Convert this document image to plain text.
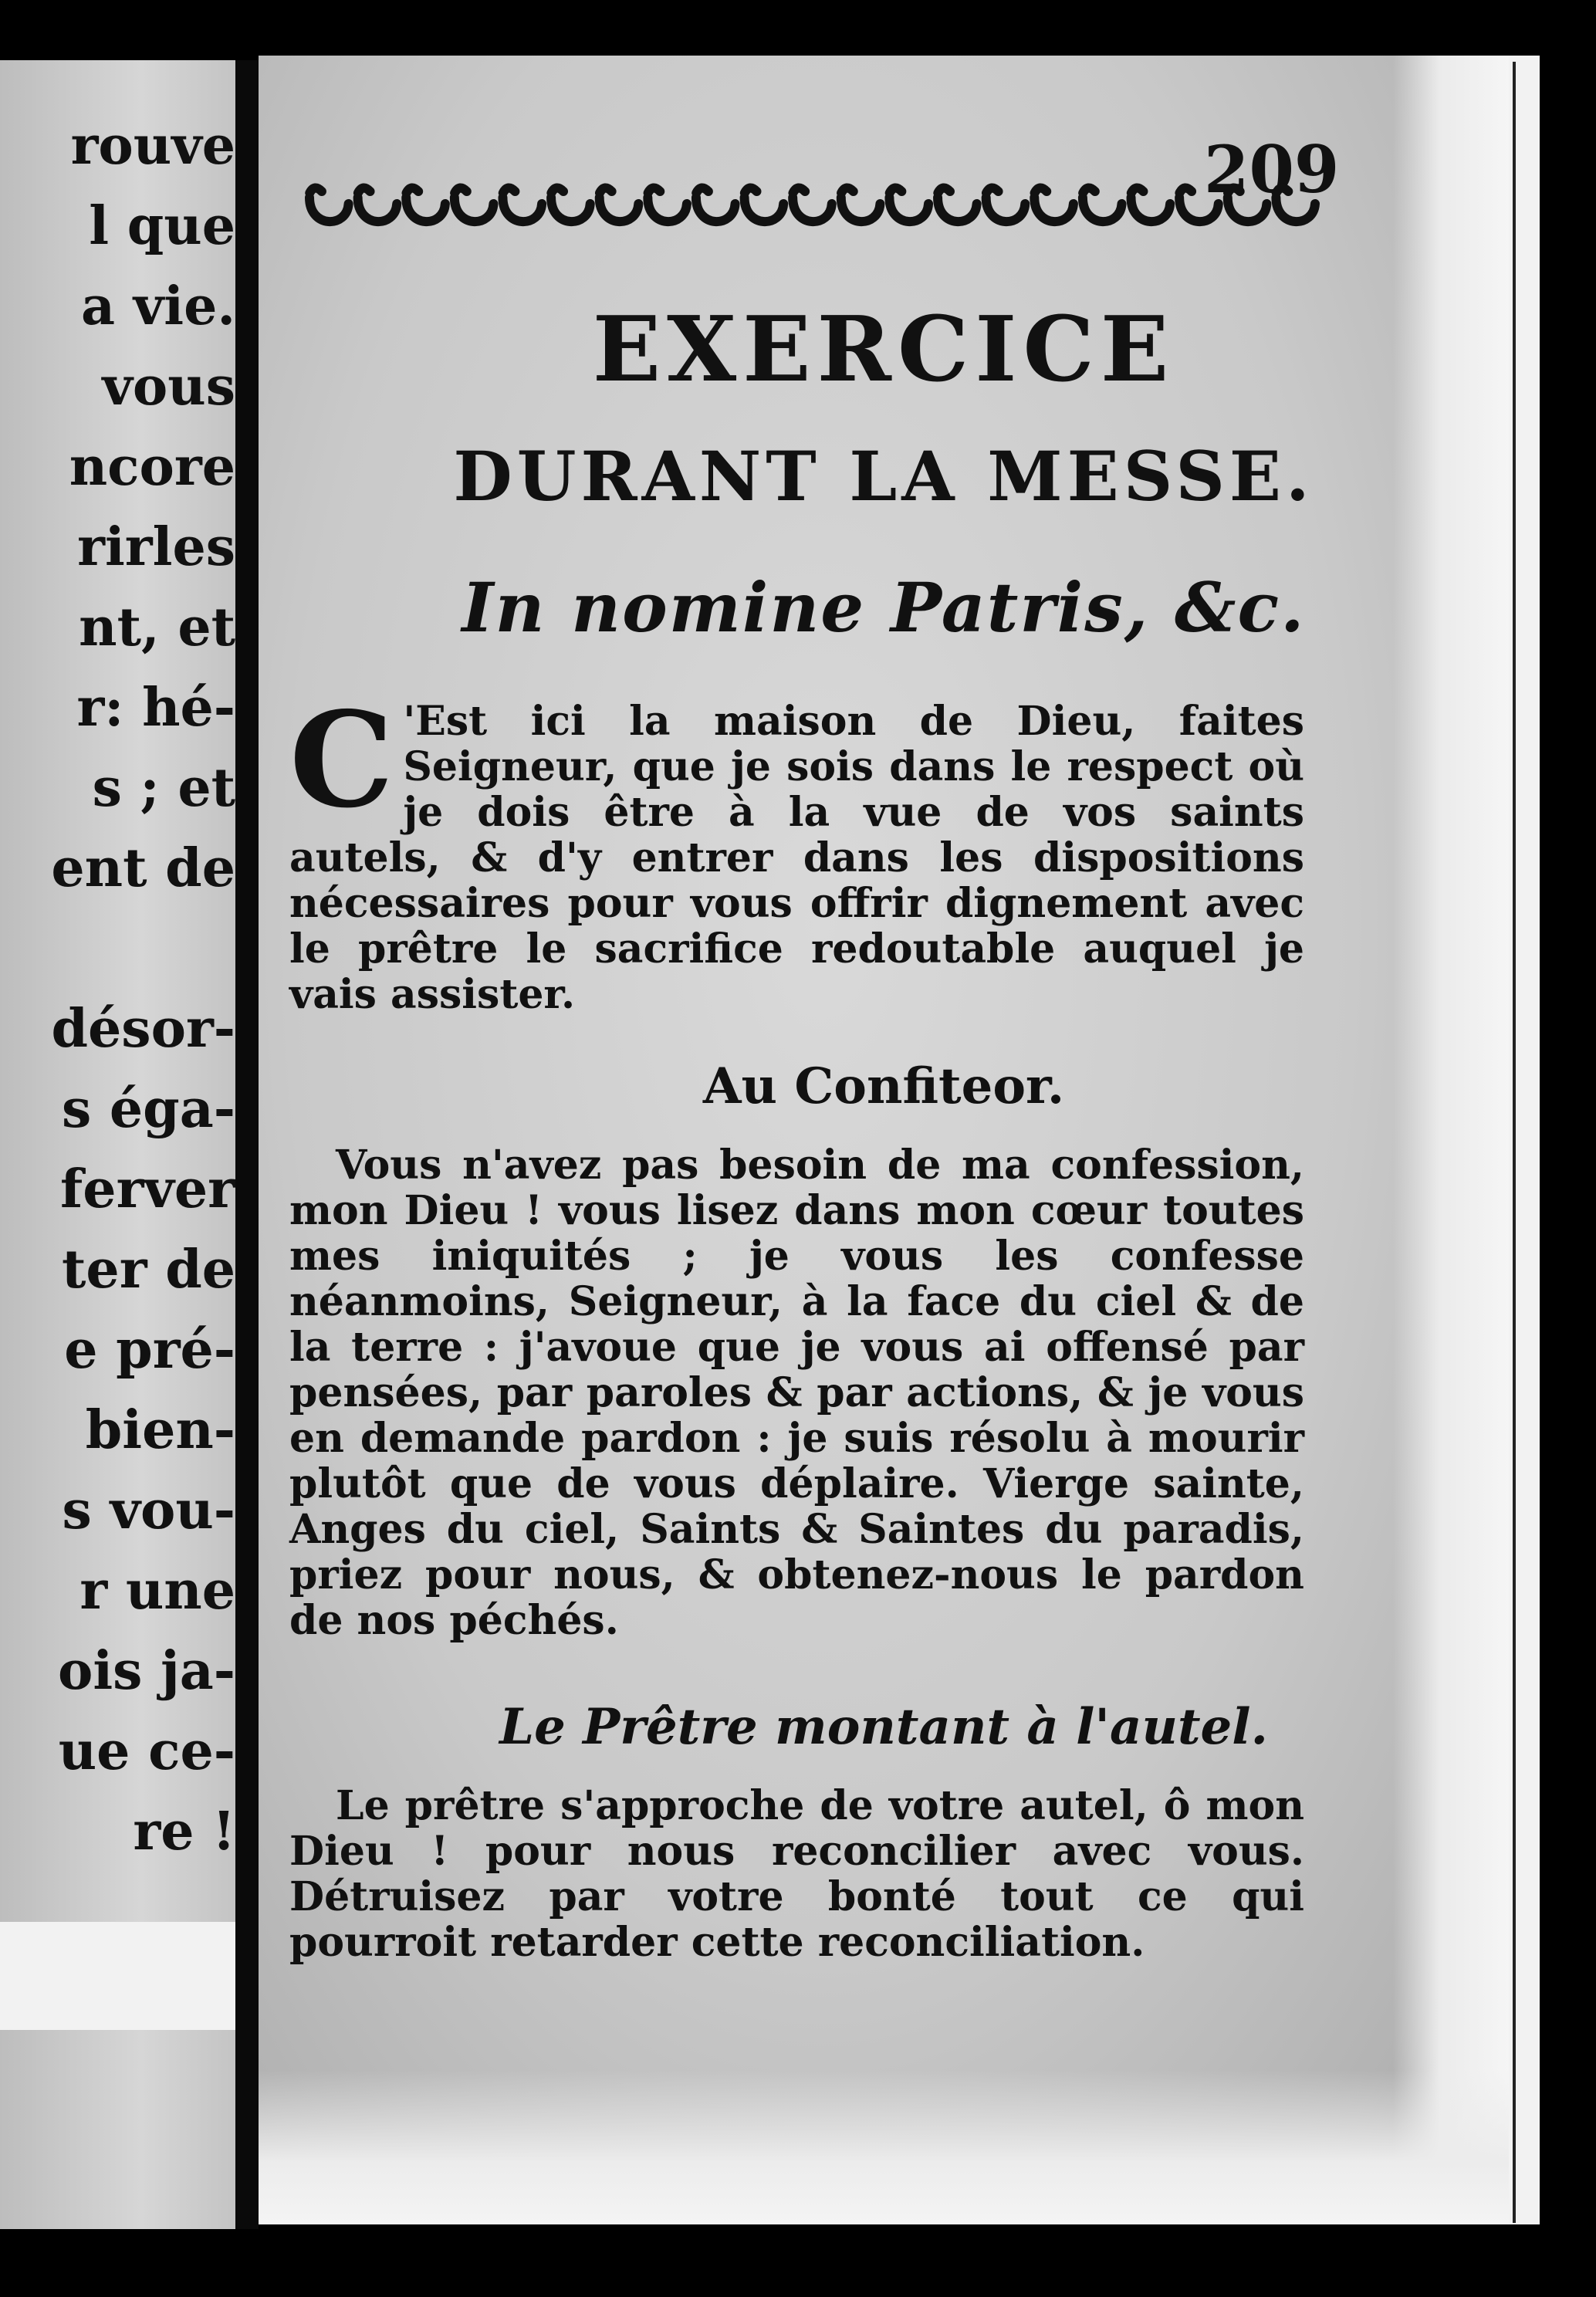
rouve
l que
a vie.
vous
ncore
rirles
nt, et
r: hé-
s ; et
ent de
désor-
s éga-
ferver
ter de
e pré-
bien-
s vou-
r une
ois ja-
ue ce-
re !
209
EXERCICE
DURANT LA MESSE.
In nomine Patris, &c.

C 'Est ici la maison de Dieu, faites Seigneur, que je sois dans le respect où je dois être à la vue de vos saints autels, & d'y entrer dans les dispositions nécessaires pour vous offrir dignement avec le prêtre le sacrifice redoutable auquel je vais assister.

Au Confiteor.

Vous n'avez pas besoin de ma confession, mon Dieu ! vous lisez dans mon cœur toutes mes iniquités ; je vous les confesse néanmoins, Seigneur, à la face du ciel & de la terre : j'avoue que je vous ai offensé par pensées, par paroles & par actions, & je vous en demande pardon : je suis résolu à mourir plutôt que de vous déplaire. Vierge sainte, Anges du ciel, Saints & Saintes du paradis, priez pour nous, & obtenez-nous le pardon de nos péchés.

Le Prêtre montant à l'autel.

Le prêtre s'approche de votre autel, ô mon Dieu ! pour nous reconcilier avec vous. Détruisez par votre bonté tout ce qui pourroit retarder cette reconciliation.
